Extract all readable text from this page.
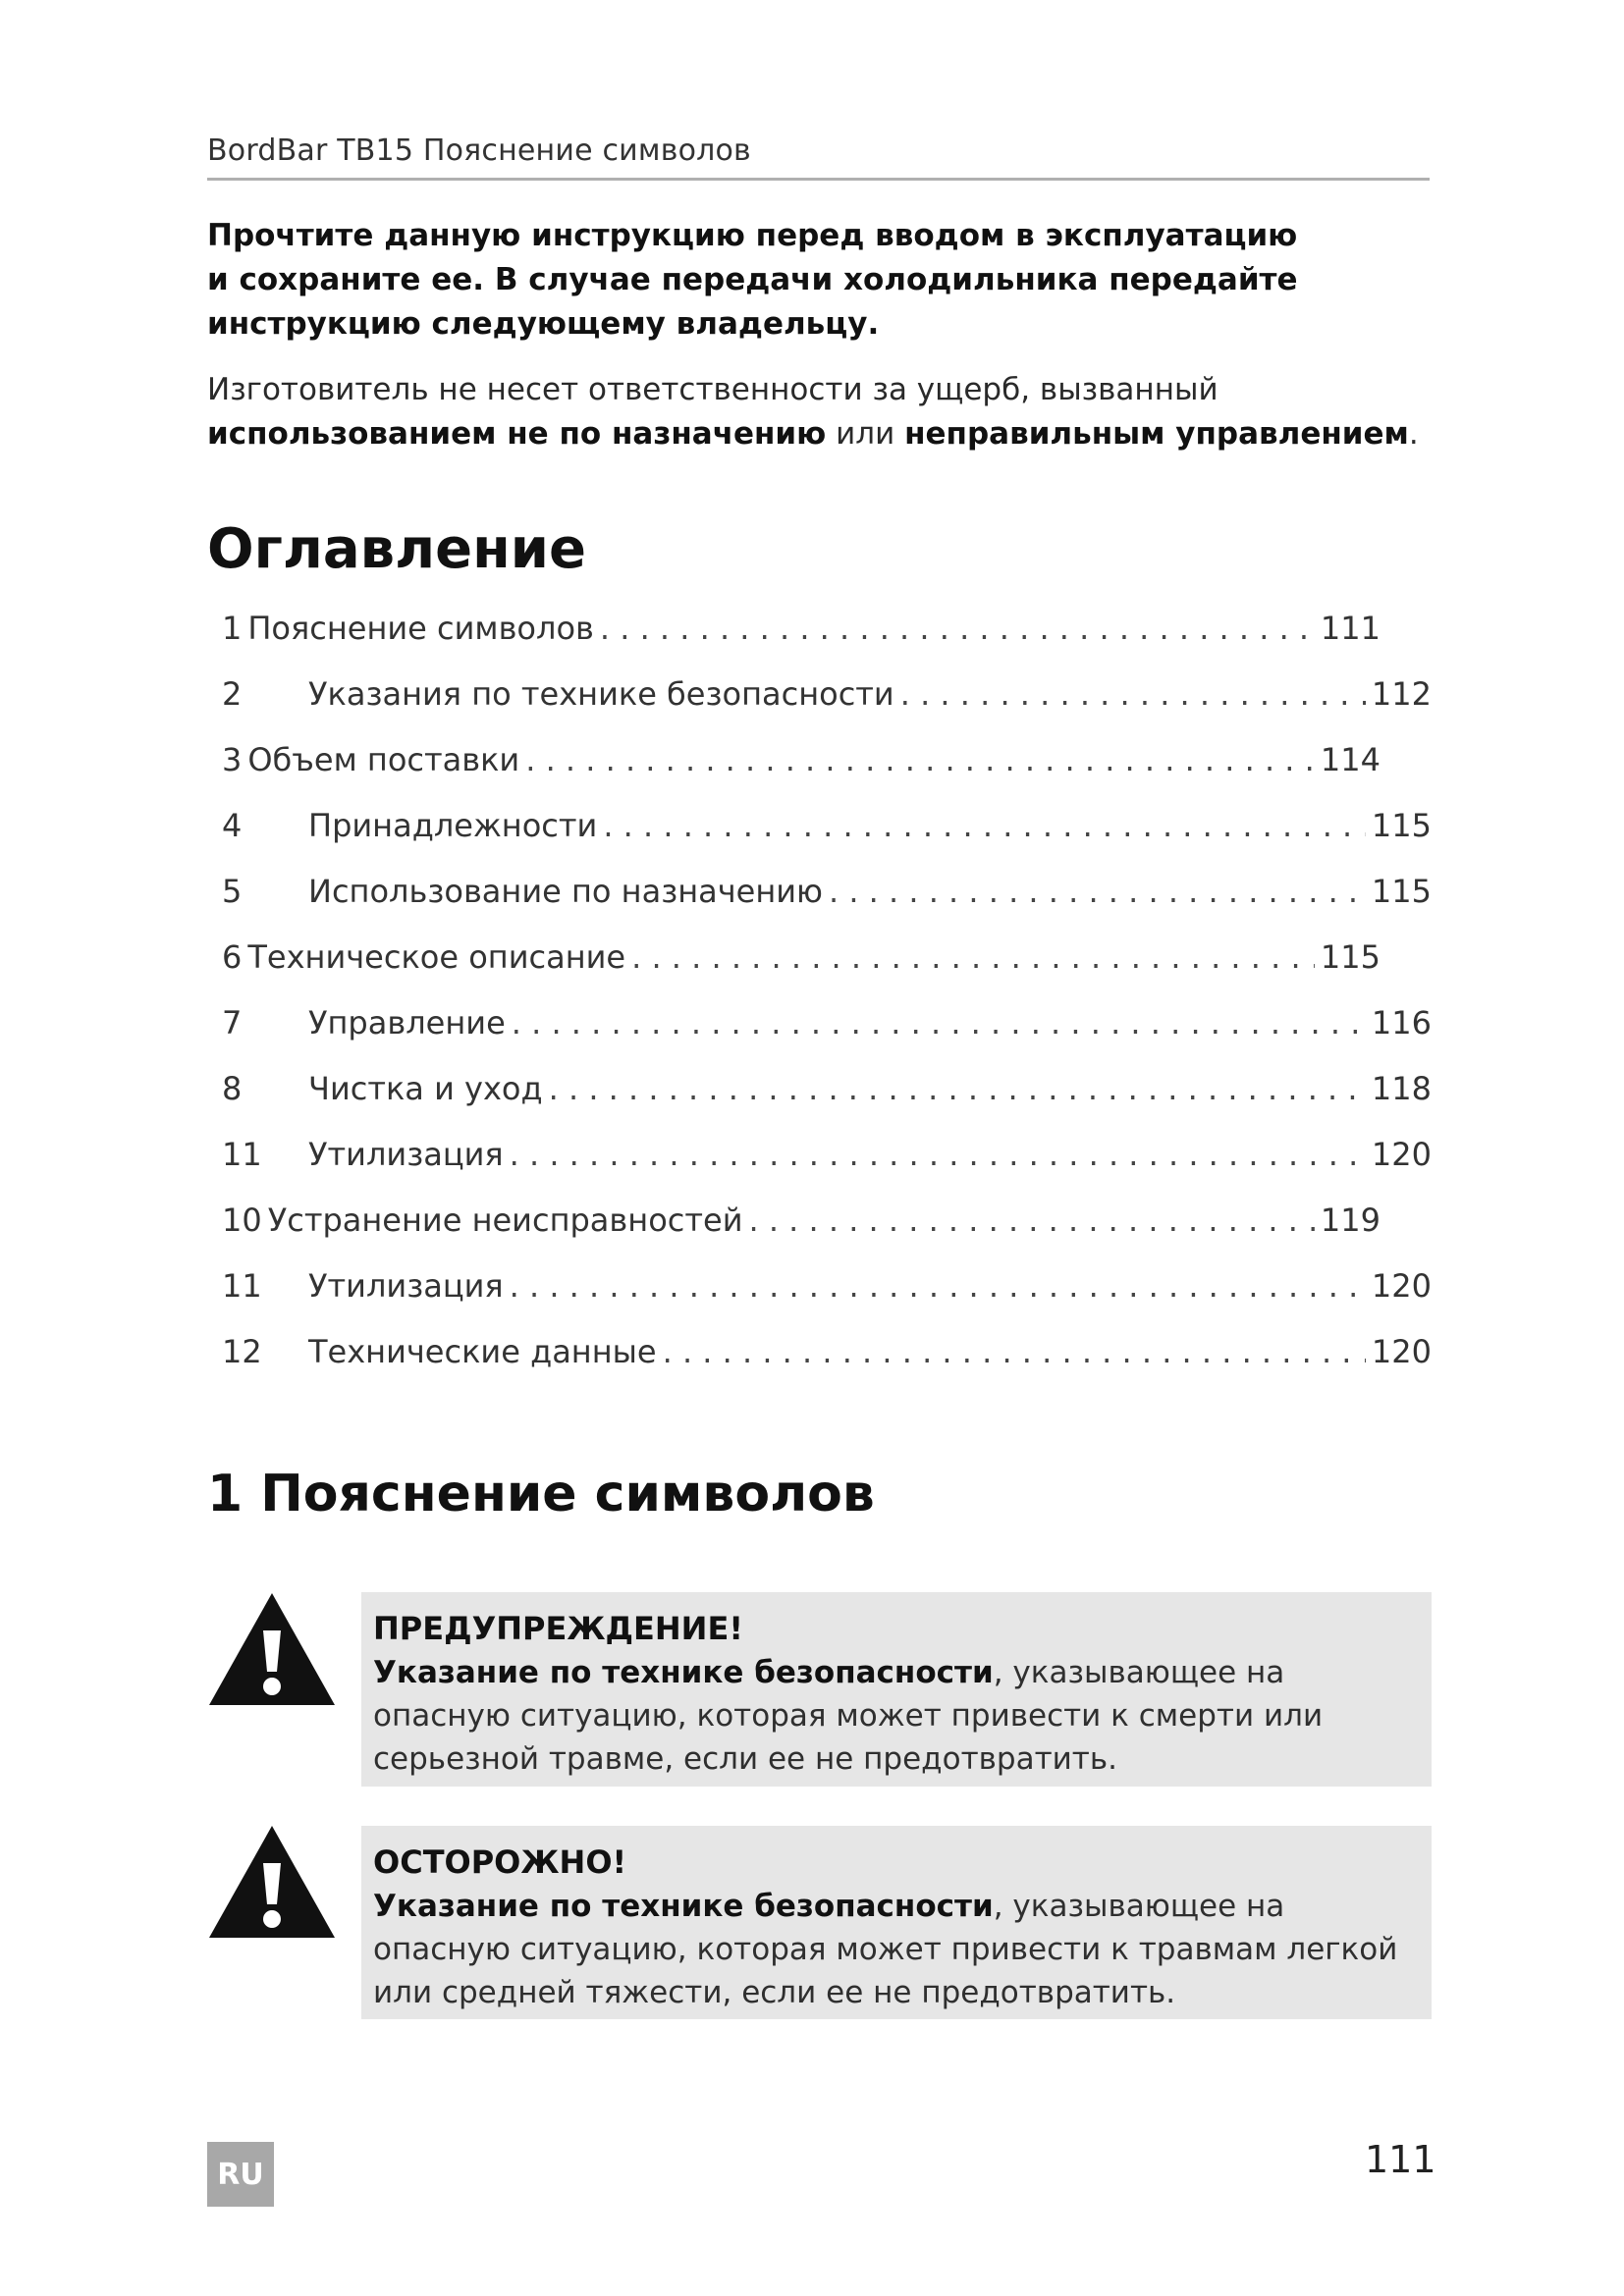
BordBar TB15 Пояснение символов
Прочтите данную инструкцию перед вводом в эксплуатацию
и сохраните ее. В случае передачи холодильника передайте
инструкцию следующему владельцу.
Изготовитель не несет ответственности за ущерб, вызванный использованием не по назначению или неправильным управлением.
Оглавление
1 Пояснение символов . . .	111
2	Указания по технике безопасности . . .	112
3 Объем поставки . . .	114
4	Принадлежности . . .	115
5	Использование по назначению . . .	115
6 Техническое описание . . .	115
7	Управление . . .	116
8	Чистка и уход . . .	118
11	Утилизация . . .	120
10 Устранение неисправностей . . .	119
11	Утилизация . . .	120
12	Технические данные . . .	120
1 Пояснение символов
ПРЕДУПРЕЖДЕНИЕ!
Указание по технике безопасности, указывающее на опасную ситуацию, которая может привести к смерти или серьезной травме, если ее не предотвратить.
ОСТОРОЖНО!
Указание по технике безопасности, указывающее на опасную ситуацию, которая может привести к травмам легкой или средней тяжести, если ее не предотвратить.
RU	111
